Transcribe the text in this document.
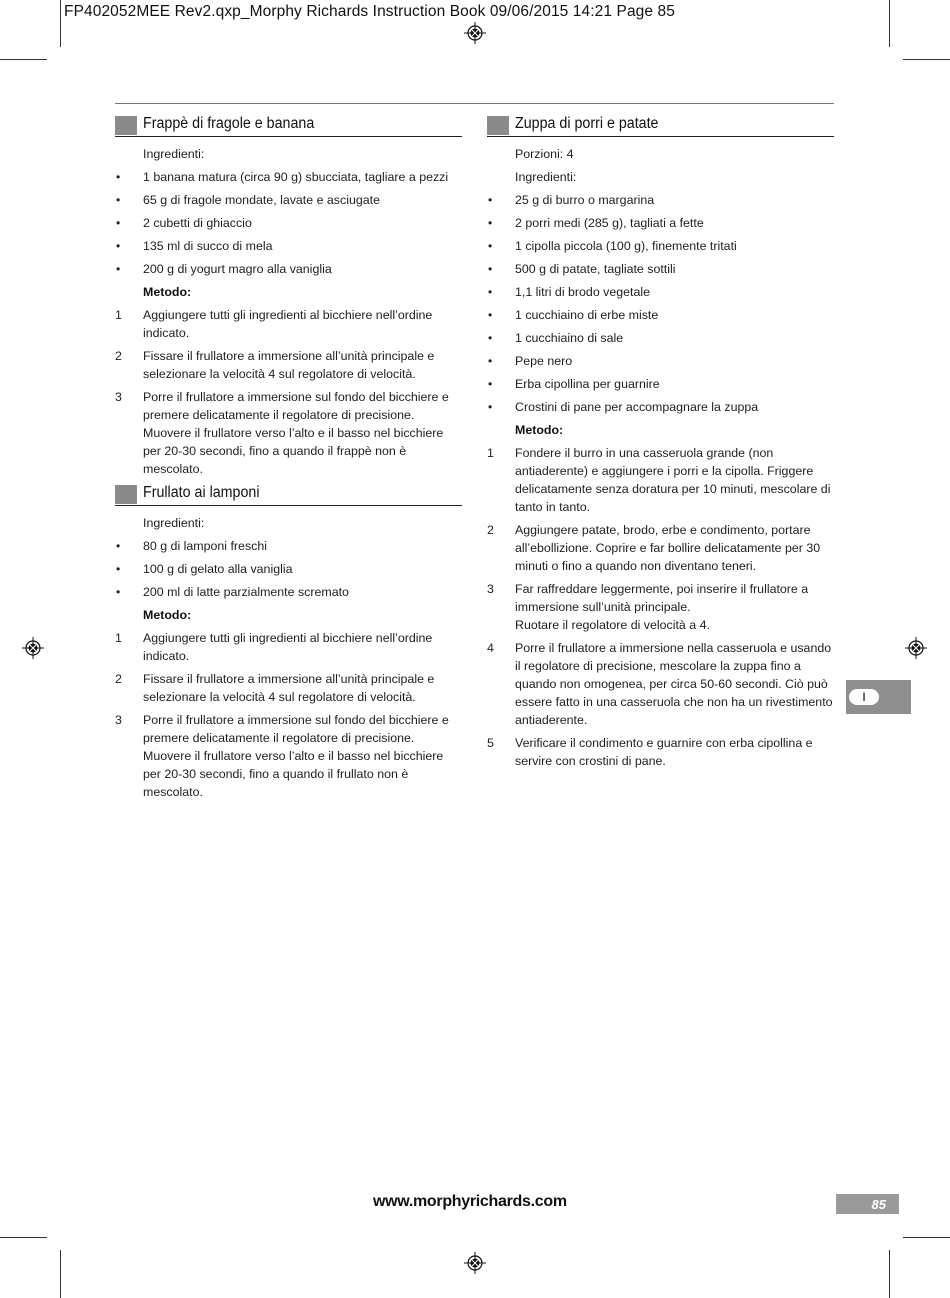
FP402052MEE Rev2.qxp_Morphy Richards Instruction Book 09/06/2015 14:21 Page 85
Frappè di fragole e banana
Ingredienti:
• 1 banana matura (circa 90 g) sbucciata, tagliare a pezzi
• 65 g di fragole mondate, lavate e asciugate
• 2 cubetti di ghiaccio
• 135 ml di succo di mela
• 200 g di yogurt magro alla vaniglia
Metodo:
1	Aggiungere tutti gli ingredienti al bicchiere nell’ordine indicato.
2	Fissare il frullatore a immersione all’unità principale e selezionare la velocità 4 sul regolatore di velocità.
3	Porre il frullatore a immersione sul fondo del bicchiere e premere delicatamente il regolatore di precisione. Muovere il frullatore verso l’alto e il basso nel bicchiere per 20-30 secondi, fino a quando il frappè non è mescolato.
Frullato ai lamponi
Ingredienti:
• 80 g di lamponi freschi
• 100 g di gelato alla vaniglia
• 200 ml di latte parzialmente scremato
Metodo:
1	Aggiungere tutti gli ingredienti al bicchiere nell’ordine indicato.
2	Fissare il frullatore a immersione all’unità principale e selezionare la velocità 4 sul regolatore di velocità.
3	Porre il frullatore a immersione sul fondo del bicchiere e premere delicatamente il regolatore di precisione. Muovere il frullatore verso l’alto e il basso nel bicchiere per 20-30 secondi, fino a quando il frullato non è mescolato.
Zuppa di porri e patate
Porzioni: 4
Ingredienti:
• 25 g di burro o margarina
• 2 porri medi (285 g), tagliati a fette
• 1 cipolla piccola (100 g), finemente tritati
• 500 g di patate, tagliate sottili
• 1,1 litri di brodo vegetale
• 1 cucchiaino di erbe miste
• 1 cucchiaino di sale
• Pepe nero
• Erba cipollina per guarnire
• Crostini di pane per accompagnare la zuppa
Metodo:
1	Fondere il burro in una casseruola grande (non antiaderente) e aggiungere i porri e la cipolla. Friggere delicatamente senza doratura per 10 minuti, mescolare di tanto in tanto.
2	Aggiungere patate, brodo, erbe e condimento, portare all’ebollizione. Coprire e far bollire delicatamente per 30 minuti o fino a quando non diventano teneri.
3	Far raffreddare leggermente, poi inserire il frullatore a immersione sull’unità principale.
Ruotare il regolatore di velocità a 4.
4	Porre il frullatore a immersione nella casseruola e usando il regolatore di precisione, mescolare la zuppa fino a quando non omogenea, per circa 50-60 secondi. Ciò può essere fatto in una casseruola che non ha un rivestimento antiaderente.
5	Verificare il condimento e guarnire con erba cipollina e servire con crostini di pane.
I
www.morphyrichards.com	85
